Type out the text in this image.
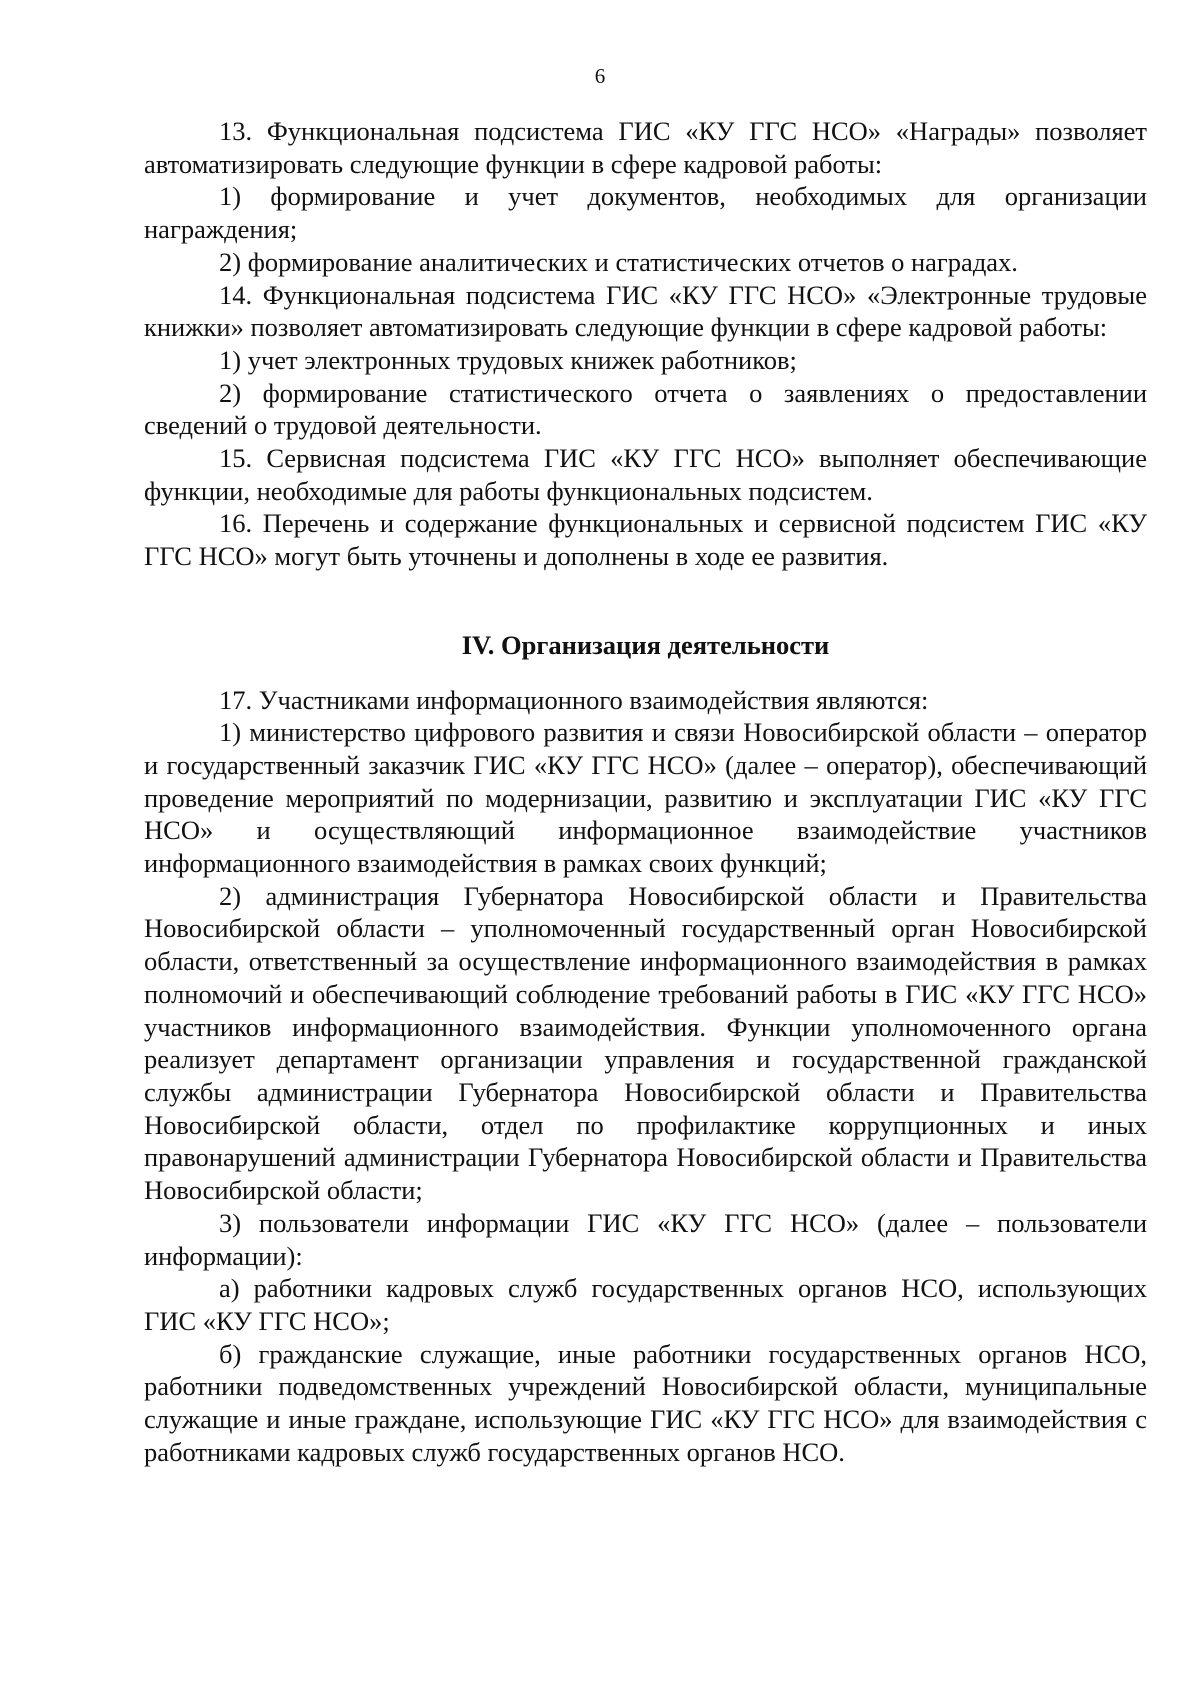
6

13. Функциональная подсистема ГИС «КУ ГГС НСО» «Награды» позволяет автоматизировать следующие функции в сфере кадровой работы:

1) формирование и учет документов, необходимых для организации награждения;

2) формирование аналитических и статистических отчетов о наградах.

14. Функциональная подсистема ГИС «КУ ГГС НСО» «Электронные трудовые книжки» позволяет автоматизировать следующие функции в сфере кадровой работы:

1) учет электронных трудовых книжек работников;

2) формирование статистического отчета о заявлениях о предоставлении сведений о трудовой деятельности.

15. Сервисная подсистема ГИС «КУ ГГС НСО» выполняет обеспечивающие функции, необходимые для работы функциональных подсистем.

16. Перечень и содержание функциональных и сервисной подсистем ГИС «КУ ГГС НСО» могут быть уточнены и дополнены в ходе ее развития.

IV. Организация деятельности

17. Участниками информационного взаимодействия являются:

1) министерство цифрового развития и связи Новосибирской области – оператор и государственный заказчик ГИС «КУ ГГС НСО» (далее – оператор), обеспечивающий проведение мероприятий по модернизации, развитию и эксплуатации ГИС «КУ ГГС НСО» и осуществляющий информационное взаимодействие участников информационного взаимодействия в рамках своих функций;

2) администрация Губернатора Новосибирской области и Правительства Новосибирской области – уполномоченный государственный орган Новосибирской области, ответственный за осуществление информационного взаимодействия в рамках полномочий и обеспечивающий соблюдение требований работы в ГИС «КУ ГГС НСО» участников информационного взаимодействия. Функции уполномоченного органа реализует департамент организации управления и государственной гражданской службы администрации Губернатора Новосибирской области и Правительства Новосибирской области, отдел по профилактике коррупционных и иных правонарушений администрации Губернатора Новосибирской области и Правительства Новосибирской области;

3) пользователи информации ГИС «КУ ГГС НСО» (далее – пользователи информации):

а) работники кадровых служб государственных органов НСО, использующих ГИС «КУ ГГС НСО»;

б) гражданские служащие, иные работники государственных органов НСО, работники подведомственных учреждений Новосибирской области, муниципальные служащие и иные граждане, использующие ГИС «КУ ГГС НСО» для взаимодействия с работниками кадровых служб государственных органов НСО.
